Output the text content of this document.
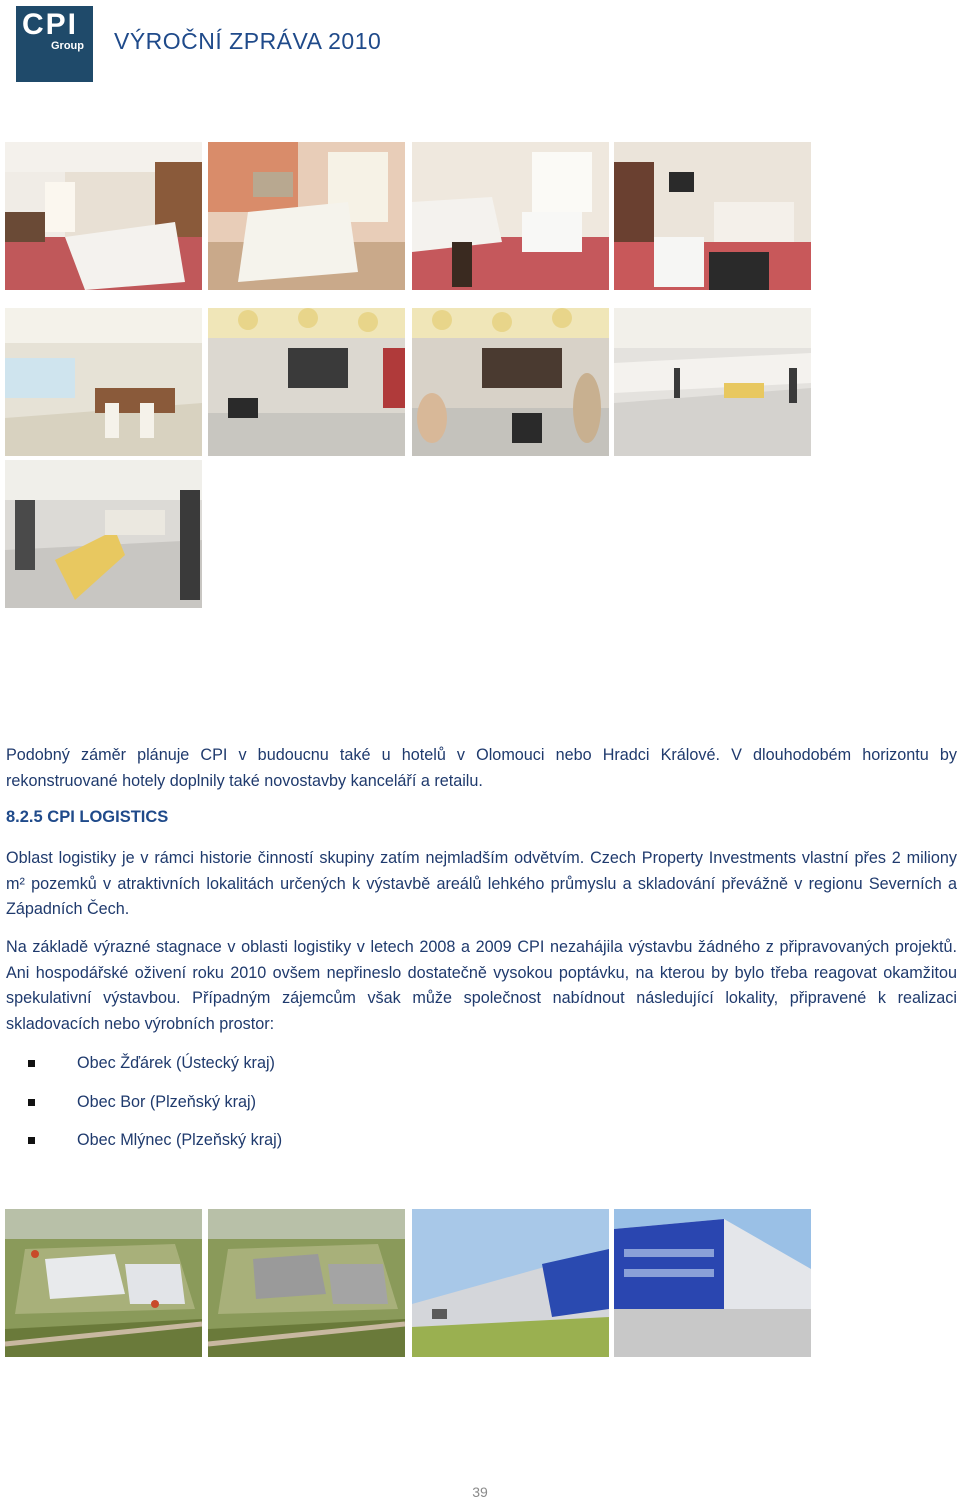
CPI
Group VÝROČNÍ ZPRÁVA 2010
Podobný záměr plánuje CPI v budoucnu také u hotelů v Olomouci nebo Hradci Králové. V dlouhodobém horizontu by rekonstruované hotely doplnily také novostavby kanceláří a retailu.
8.2.5 CPI LOGISTICS
Oblast logistiky je v rámci historie činností skupiny zatím nejmladším odvětvím. Czech Property Investments vlastní přes 2 miliony m² pozemků v atraktivních lokalitách určených k výstavbě areálů lehkého průmyslu a skladování převážně v regionu Severních a Západních Čech.
Na základě výrazné stagnace v oblasti logistiky v letech 2008 a 2009 CPI nezahájila výstavbu žádného z připravovaných projektů. Ani hospodářské oživení roku 2010 ovšem nepřineslo dostatečně vysokou poptávku, na kterou by bylo třeba reagovat okamžitou spekulativní výstavbou. Případným zájemcům však může společnost nabídnout následující lokality, připravené k realizaci skladovacích nebo výrobních prostor:
Obec Žďárek (Ústecký kraj)
Obec Bor (Plzeňský kraj)
Obec Mlýnec (Plzeňský kraj)
39
